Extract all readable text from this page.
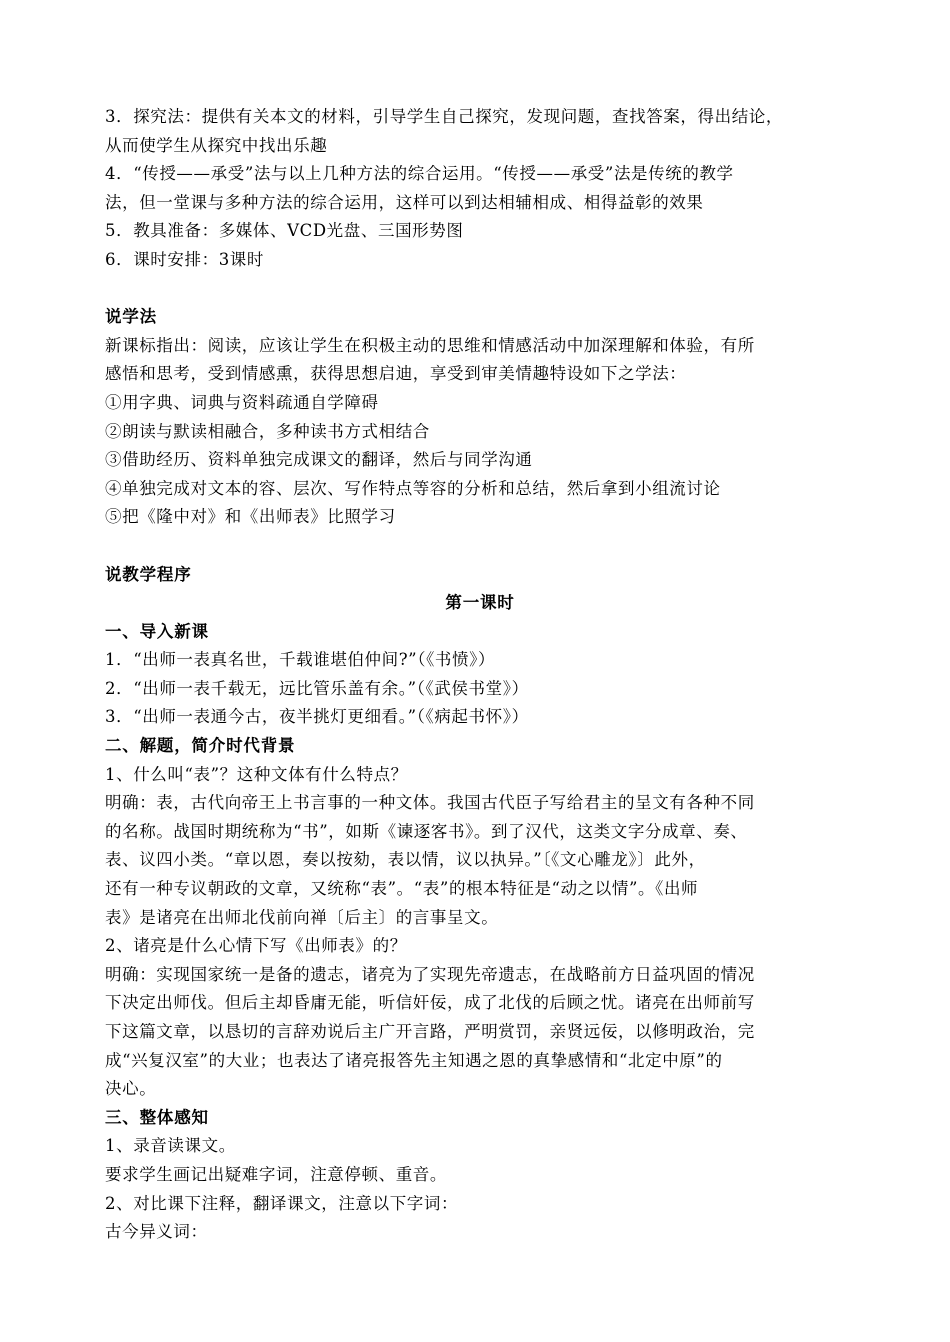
3．探究法：提供有关本文的材料，引导学生自己探究，发现问题，查找答案，得出结论，

从而使学生从探究中找出乐趣

4．“传授——承受”法与以上几种方法的综合运用。“传授——承受”法是传统的教学

法，但一堂课与多种方法的综合运用，这样可以到达相辅相成、相得益彰的效果

5．教具准备：多媒体、VCD光盘、三国形势图

6．课时安排：3课时

说学法

新课标指出：阅读，应该让学生在积极主动的思维和情感活动中加深理解和体验，有所

感悟和思考，受到情感熏，获得思想启迪，享受到审美情趣特设如下之学法：

①用字典、词典与资料疏通自学障碍

②朗读与默读相融合，多种读书方式相结合

③借助经历、资料单独完成课文的翻译，然后与同学沟通

④单独完成对文本的容、层次、写作特点等容的分析和总结，然后拿到小组流讨论

⑤把《隆中对》和《出师表》比照学习

说教学程序

第一课时

一、导入新课

1．“出师一表真名世，千载谁堪伯仲间?”（《书愤》）

2．“出师一表千载无，远比管乐盖有余。”（《武侯书堂》）

3．“出师一表通今古，夜半挑灯更细看。”（《病起书怀》）

二、解题，简介时代背景

1、什么叫“表”？这种文体有什么特点？

明确：表，古代向帝王上书言事的一种文体。我国古代臣子写给君主的呈文有各种不同

的名称。战国时期统称为“书”，如斯《谏逐客书》。到了汉代，这类文字分成章、奏、

表、议四小类。“章以恩，奏以按劾，表以情，议以执异。”〔《文心雕龙》〕此外，

还有一种专议朝政的文章，又统称“表”。“表”的根本特征是“动之以情”。《出师

表》是诸亮在出师北伐前向禅〔后主〕的言事呈文。

2、诸亮是什么心情下写《出师表》的？

明确：实现国家统一是备的遗志，诸亮为了实现先帝遗志，在战略前方日益巩固的情况

下决定出师伐。但后主却昏庸无能，听信奸佞，成了北伐的后顾之忧。诸亮在出师前写

下这篇文章，以恳切的言辞劝说后主广开言路，严明赏罚，亲贤远佞，以修明政治，完

成“兴复汉室”的大业；也表达了诸亮报答先主知遇之恩的真挚感情和“北定中原”的

决心。

三、整体感知

1、录音读课文。

要求学生画记出疑难字词，注意停顿、重音。

2、对比课下注释，翻译课文，注意以下字词：

古今异义词：
